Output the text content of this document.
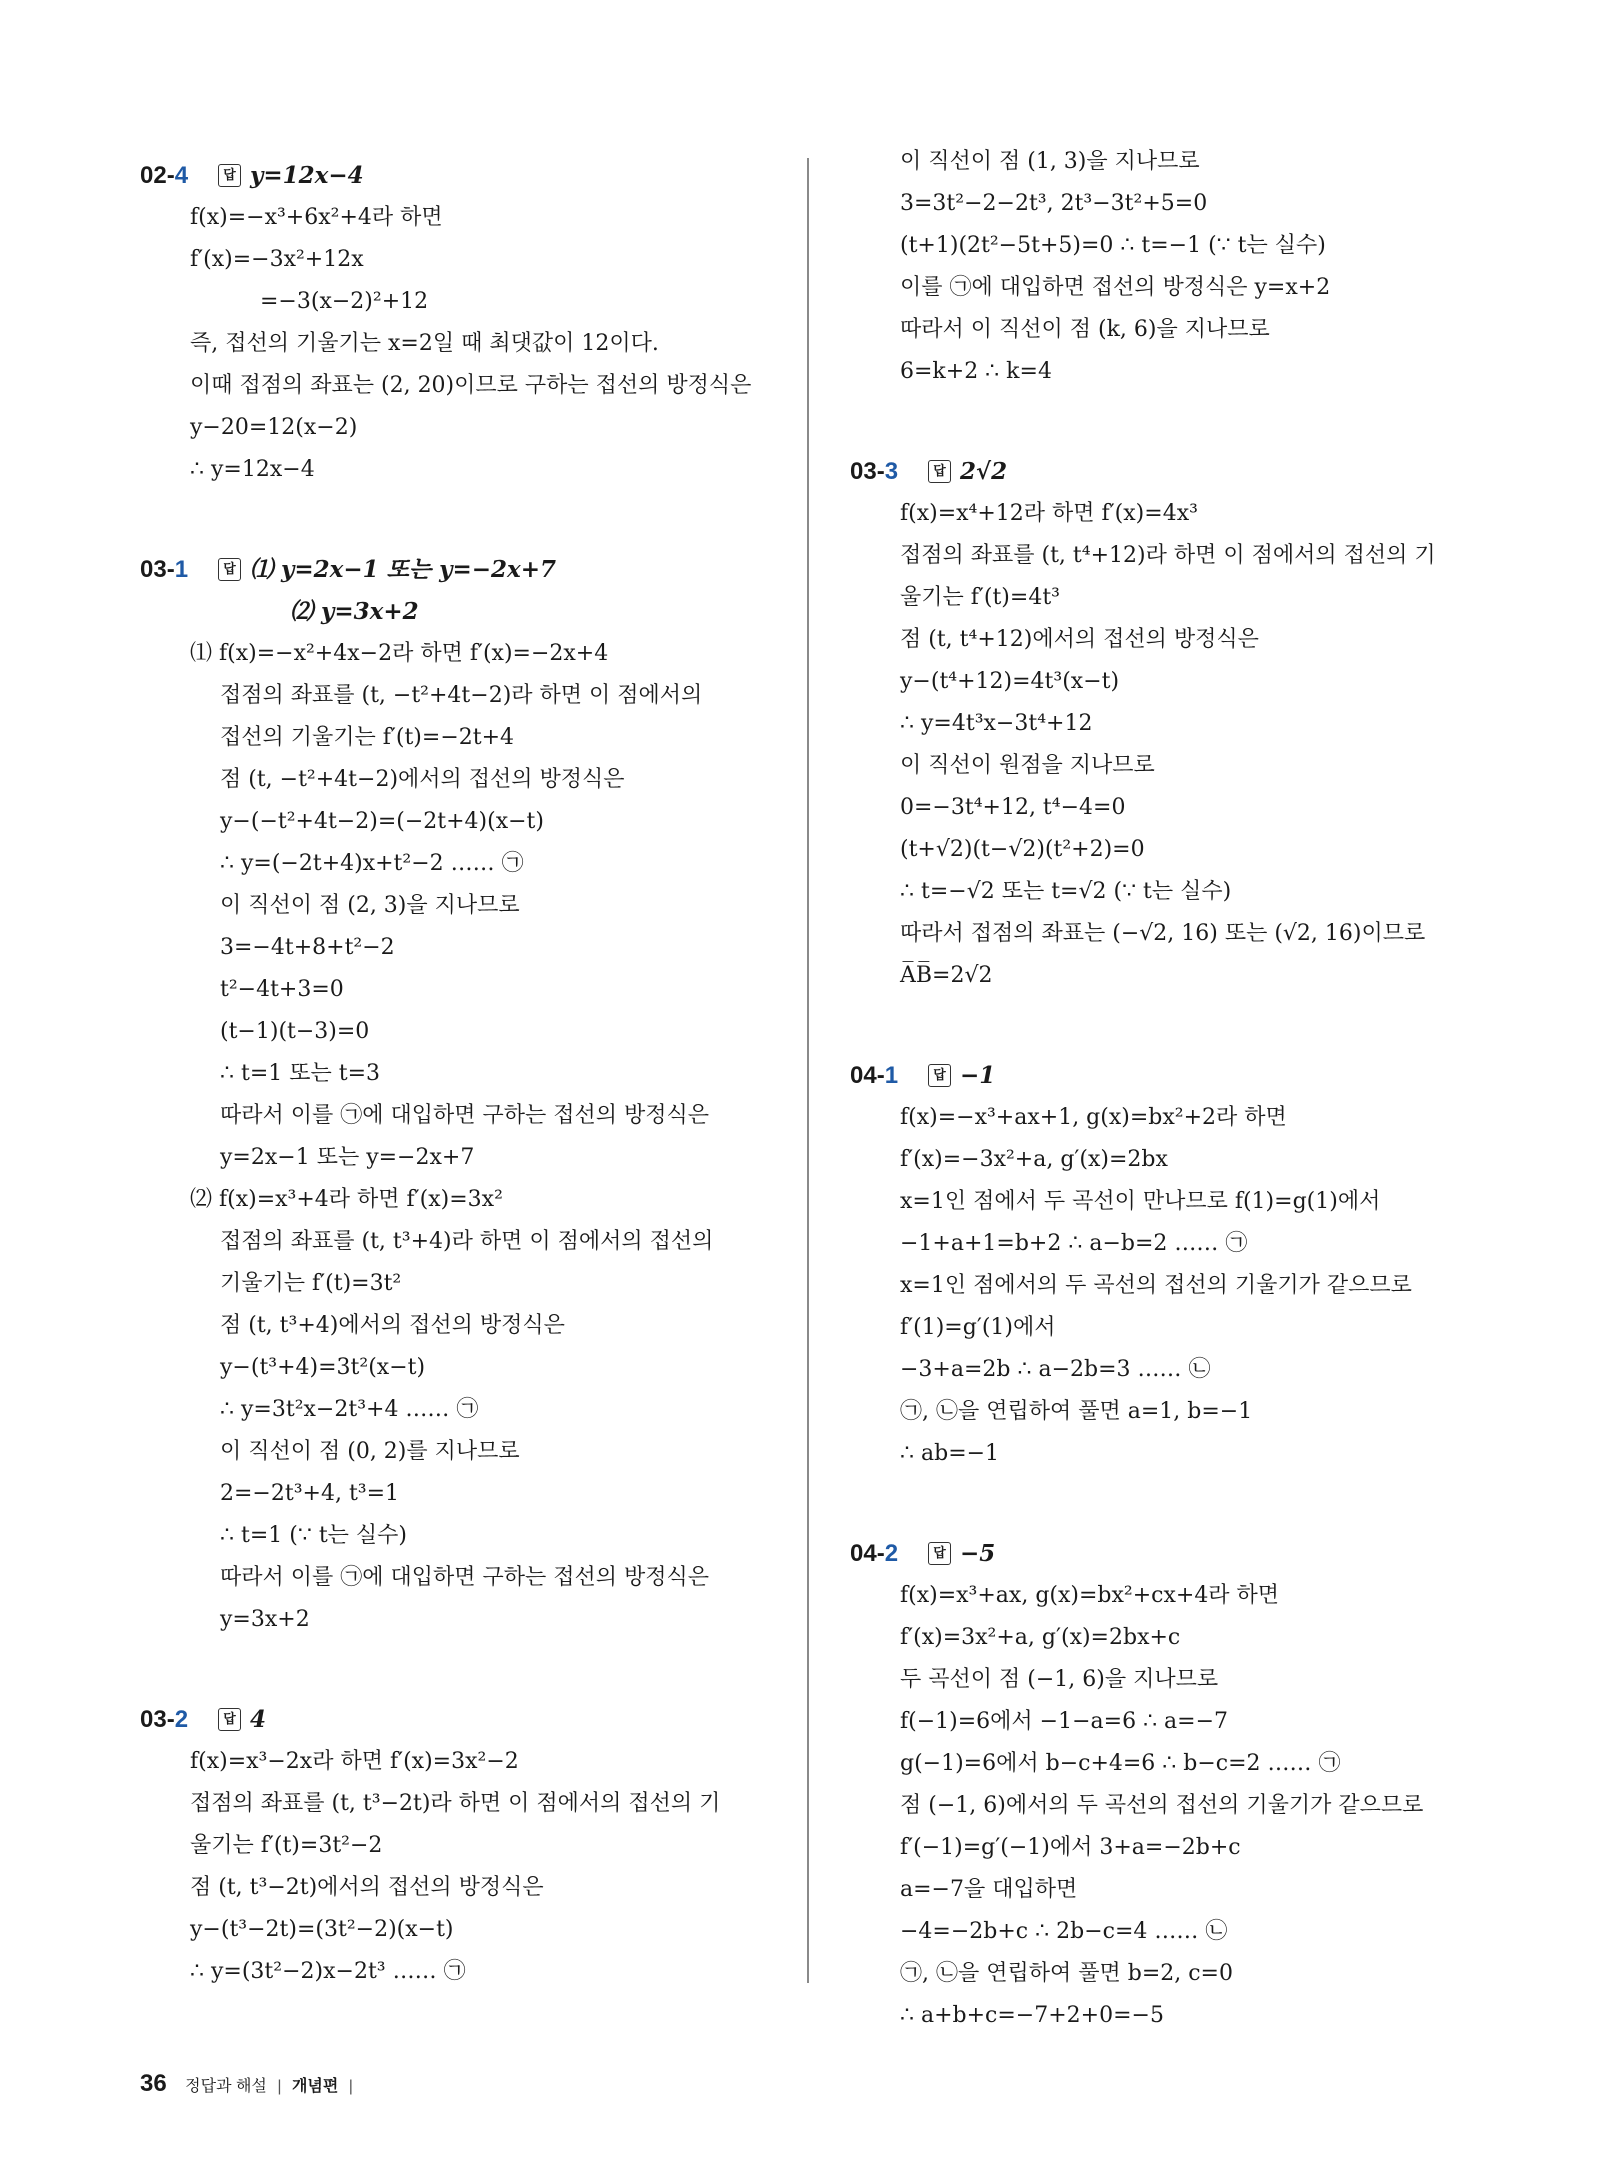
02-4	답 y=12x−4
f(x)=−x³+6x²+4라 하면
f′(x)=−3x²+12x
=−3(x−2)²+12
즉, 접선의 기울기는 x=2일 때 최댓값이 12이다.
이때 접점의 좌표는 (2, 20)이므로 구하는 접선의 방정식은
y−20=12(x−2)
∴ y=12x−4
03-1	답 ⑴ y=2x−1 또는 y=−2x+7
⑵ y=3x+2
⑴ f(x)=−x²+4x−2라 하면 f′(x)=−2x+4
접점의 좌표를 (t, −t²+4t−2)라 하면 이 점에서의
접선의 기울기는 f′(t)=−2t+4
점 (t, −t²+4t−2)에서의 접선의 방정식은
y−(−t²+4t−2)=(−2t+4)(x−t)
∴ y=(−2t+4)x+t²−2 …… ㉠
이 직선이 점 (2, 3)을 지나므로
3=−4t+8+t²−2
t²−4t+3=0
(t−1)(t−3)=0
∴ t=1 또는 t=3
따라서 이를 ㉠에 대입하면 구하는 접선의 방정식은
y=2x−1 또는 y=−2x+7
⑵ f(x)=x³+4라 하면 f′(x)=3x²
접점의 좌표를 (t, t³+4)라 하면 이 점에서의 접선의
기울기는 f′(t)=3t²
점 (t, t³+4)에서의 접선의 방정식은
y−(t³+4)=3t²(x−t)
∴ y=3t²x−2t³+4 …… ㉠
이 직선이 점 (0, 2)를 지나므로
2=−2t³+4, t³=1
∴ t=1 (∵ t는 실수)
따라서 이를 ㉠에 대입하면 구하는 접선의 방정식은
y=3x+2
03-2	답 4
f(x)=x³−2x라 하면 f′(x)=3x²−2
접점의 좌표를 (t, t³−2t)라 하면 이 점에서의 접선의 기
울기는 f′(t)=3t²−2
점 (t, t³−2t)에서의 접선의 방정식은
y−(t³−2t)=(3t²−2)(x−t)
∴ y=(3t²−2)x−2t³ …… ㉠
이 직선이 점 (1, 3)을 지나므로
3=3t²−2−2t³, 2t³−3t²+5=0
(t+1)(2t²−5t+5)=0 ∴ t=−1 (∵ t는 실수)
이를 ㉠에 대입하면 접선의 방정식은 y=x+2
따라서 이 직선이 점 (k, 6)을 지나므로
6=k+2 ∴ k=4
03-3	답 2√2
f(x)=x⁴+12라 하면 f′(x)=4x³
접점의 좌표를 (t, t⁴+12)라 하면 이 점에서의 접선의 기
울기는 f′(t)=4t³
점 (t, t⁴+12)에서의 접선의 방정식은
y−(t⁴+12)=4t³(x−t)
∴ y=4t³x−3t⁴+12
이 직선이 원점을 지나므로
0=−3t⁴+12, t⁴−4=0
(t+√2)(t−√2)(t²+2)=0
∴ t=−√2 또는 t=√2 (∵ t는 실수)
따라서 접점의 좌표는 (−√2, 16) 또는 (√2, 16)이므로
A̅B̅=2√2
04-1	답 −1
f(x)=−x³+ax+1, g(x)=bx²+2라 하면
f′(x)=−3x²+a, g′(x)=2bx
x=1인 점에서 두 곡선이 만나므로 f(1)=g(1)에서
−1+a+1=b+2 ∴ a−b=2 …… ㉠
x=1인 점에서의 두 곡선의 접선의 기울기가 같으므로
f′(1)=g′(1)에서
−3+a=2b ∴ a−2b=3 …… ㉡
㉠, ㉡을 연립하여 풀면 a=1, b=−1
∴ ab=−1
04-2	답 −5
f(x)=x³+ax, g(x)=bx²+cx+4라 하면
f′(x)=3x²+a, g′(x)=2bx+c
두 곡선이 점 (−1, 6)을 지나므로
f(−1)=6에서 −1−a=6 ∴ a=−7
g(−1)=6에서 b−c+4=6 ∴ b−c=2 …… ㉠
점 (−1, 6)에서의 두 곡선의 접선의 기울기가 같으므로
f′(−1)=g′(−1)에서 3+a=−2b+c
a=−7을 대입하면
−4=−2b+c ∴ 2b−c=4 …… ㉡
㉠, ㉡을 연립하여 풀면 b=2, c=0
∴ a+b+c=−7+2+0=−5
36 정답과 해설 | 개념편 |
